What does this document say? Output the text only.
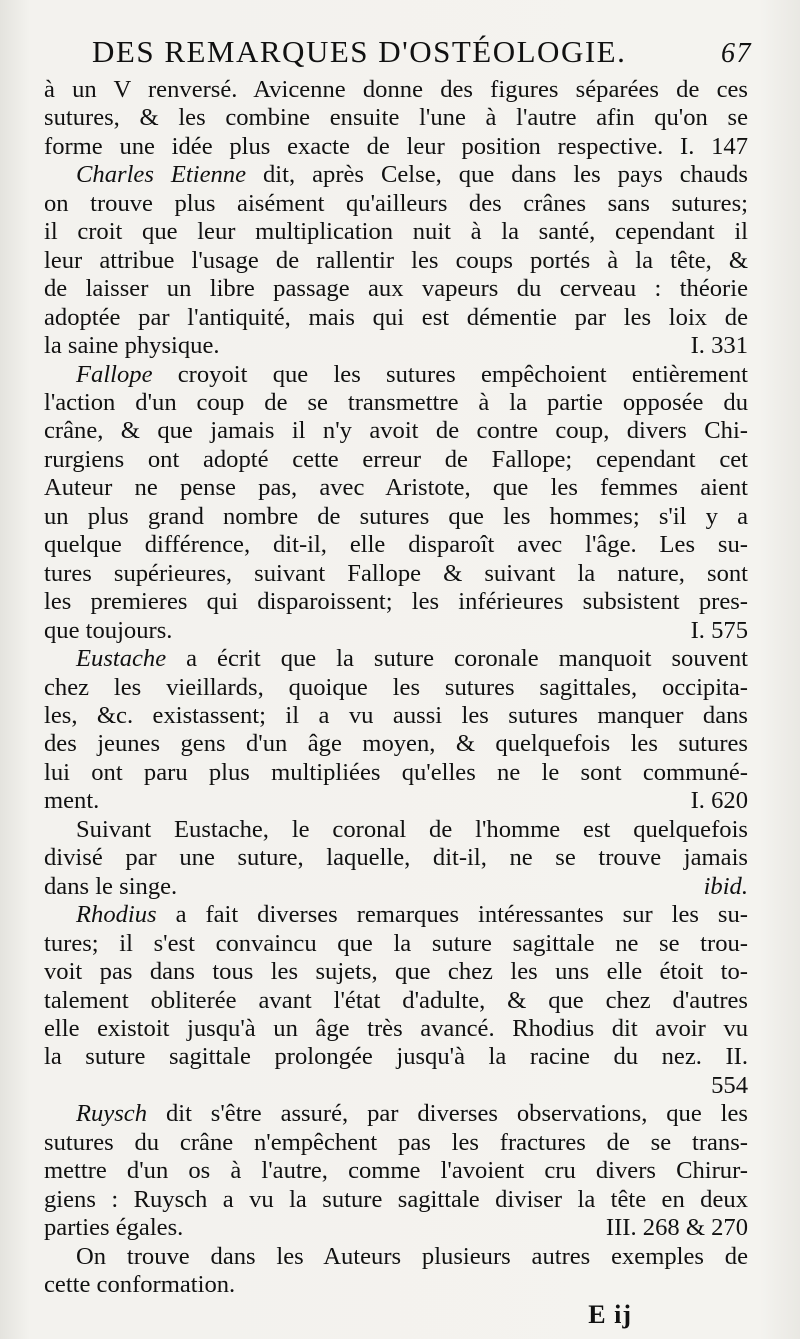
DES REMARQUES D'OSTÉOLOGIE.	67
à un V renversé. Avicenne donne des figures séparées de ces
sutures, & les combine ensuite l'une à l'autre afin qu'on se
forme une idée plus exacte de leur position respective. I. 147
Charles Etienne dit, après Celse, que dans les pays chauds
on trouve plus aisément qu'ailleurs des crânes sans sutures;
il croit que leur multiplication nuit à la santé, cependant il
leur attribue l'usage de rallentir les coups portés à la tête, &
de laisser un libre passage aux vapeurs du cerveau : théorie
adoptée par l'antiquité, mais qui est démentie par les loix de
la saine physique.	I. 331
Fallope croyoit que les sutures empêchoient entièrement
l'action d'un coup de se transmettre à la partie opposée du
crâne, & que jamais il n'y avoit de contre coup, divers Chi-
rurgiens ont adopté cette erreur de Fallope; cependant cet
Auteur ne pense pas, avec Aristote, que les femmes aient
un plus grand nombre de sutures que les hommes; s'il y a
quelque différence, dit-il, elle disparoît avec l'âge. Les su-
tures supérieures, suivant Fallope & suivant la nature, sont
les premieres qui disparoissent; les inférieures subsistent pres-
que toujours.	I. 575
Eustache a écrit que la suture coronale manquoit souvent
chez les vieillards, quoique les sutures sagittales, occipita-
les, &c. existassent; il a vu aussi les sutures manquer dans
des jeunes gens d'un âge moyen, & quelquefois les sutures
lui ont paru plus multipliées qu'elles ne le sont communé-
ment.	I. 620
Suivant Eustache, le coronal de l'homme est quelquefois
divisé par une suture, laquelle, dit-il, ne se trouve jamais
dans le singe.	ibid.
Rhodius a fait diverses remarques intéressantes sur les su-
tures; il s'est convaincu que la suture sagittale ne se trou-
voit pas dans tous les sujets, que chez les uns elle étoit to-
talement obliterée avant l'état d'adulte, & que chez d'autres
elle existoit jusqu'à un âge très avancé. Rhodius dit avoir vu
la suture sagittale prolongée jusqu'à la racine du nez. II.
554
Ruysch dit s'être assuré, par diverses observations, que les
sutures du crâne n'empêchent pas les fractures de se trans-
mettre d'un os à l'autre, comme l'avoient cru divers Chirur-
giens : Ruysch a vu la suture sagittale diviser la tête en deux
parties égales.	III. 268 & 270
On trouve dans les Auteurs plusieurs autres exemples de
cette conformation.
E ij
